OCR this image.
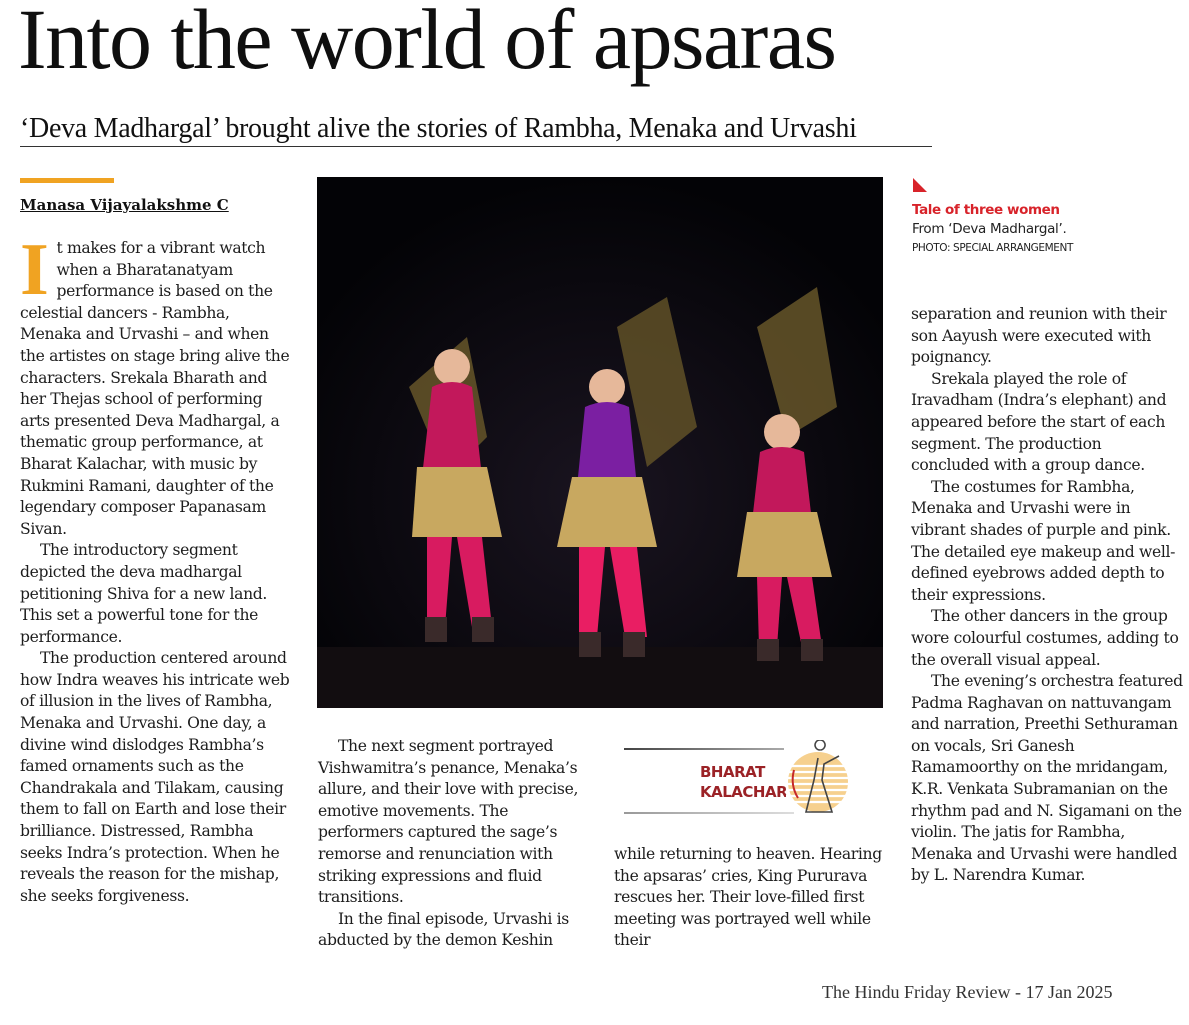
Into the world of apsaras
‘Deva Madhargal’ brought alive the stories of Rambha, Menaka and Urvashi
Manasa Vijayalakshme C
I t makes for a vibrant watch when a Bharatanatyam performance is based on the celestial dancers - Rambha, Menaka and Urvashi – and when the artistes on stage bring alive the characters. Srekala Bharath and her Thejas school of performing arts presented Deva Madhargal, a thematic group performance, at Bharat Kalachar, with music by Rukmini Ramani, daughter of the legendary composer Papanasam Sivan.

The introductory segment depicted the deva madhargal petitioning Shiva for a new land. This set a powerful tone for the performance.

The production centered around how Indra weaves his intricate web of illusion in the lives of Rambha, Menaka and Urvashi. One day, a divine wind dislodges Rambha’s famed ornaments such as the Chandrakala and Tilakam, causing them to fall on Earth and lose their brilliance. Distressed, Rambha seeks Indra’s protection. When he reveals the reason for the mishap, she seeks forgiveness.

Tale of three women
From ‘Deva Madhargal’.
PHOTO: SPECIAL ARRANGEMENT

The next segment portrayed Vishwamitra’s penance, Menaka’s allure, and their love with precise, emotive movements. The performers captured the sage’s remorse and renunciation with striking expressions and fluid transitions.

In the final episode, Urvashi is abducted by the demon Keshin

BHARAT
KALACHAR

while returning to heaven. Hearing the apsaras’ cries, King Pururava rescues her. Their love-filled first meeting was portrayed well while their

separation and reunion with their son Aayush were executed with poignancy.

Srekala played the role of Iravadham (Indra’s elephant) and appeared before the start of each segment. The production concluded with a group dance.

The costumes for Rambha, Menaka and Urvashi were in vibrant shades of purple and pink. The detailed eye makeup and well-defined eyebrows added depth to their expressions.

The other dancers in the group wore colourful costumes, adding to the overall visual appeal.

The evening’s orchestra featured Padma Raghavan on nattuvangam and narration, Preethi Sethuraman on vocals, Sri Ganesh Ramamoorthy on the mridangam, K.R. Venkata Subramanian on the rhythm pad and N. Sigamani on the violin. The jatis for Rambha, Menaka and Urvashi were handled by L. Narendra Kumar.

The Hindu Friday Review - 17 Jan 2025
